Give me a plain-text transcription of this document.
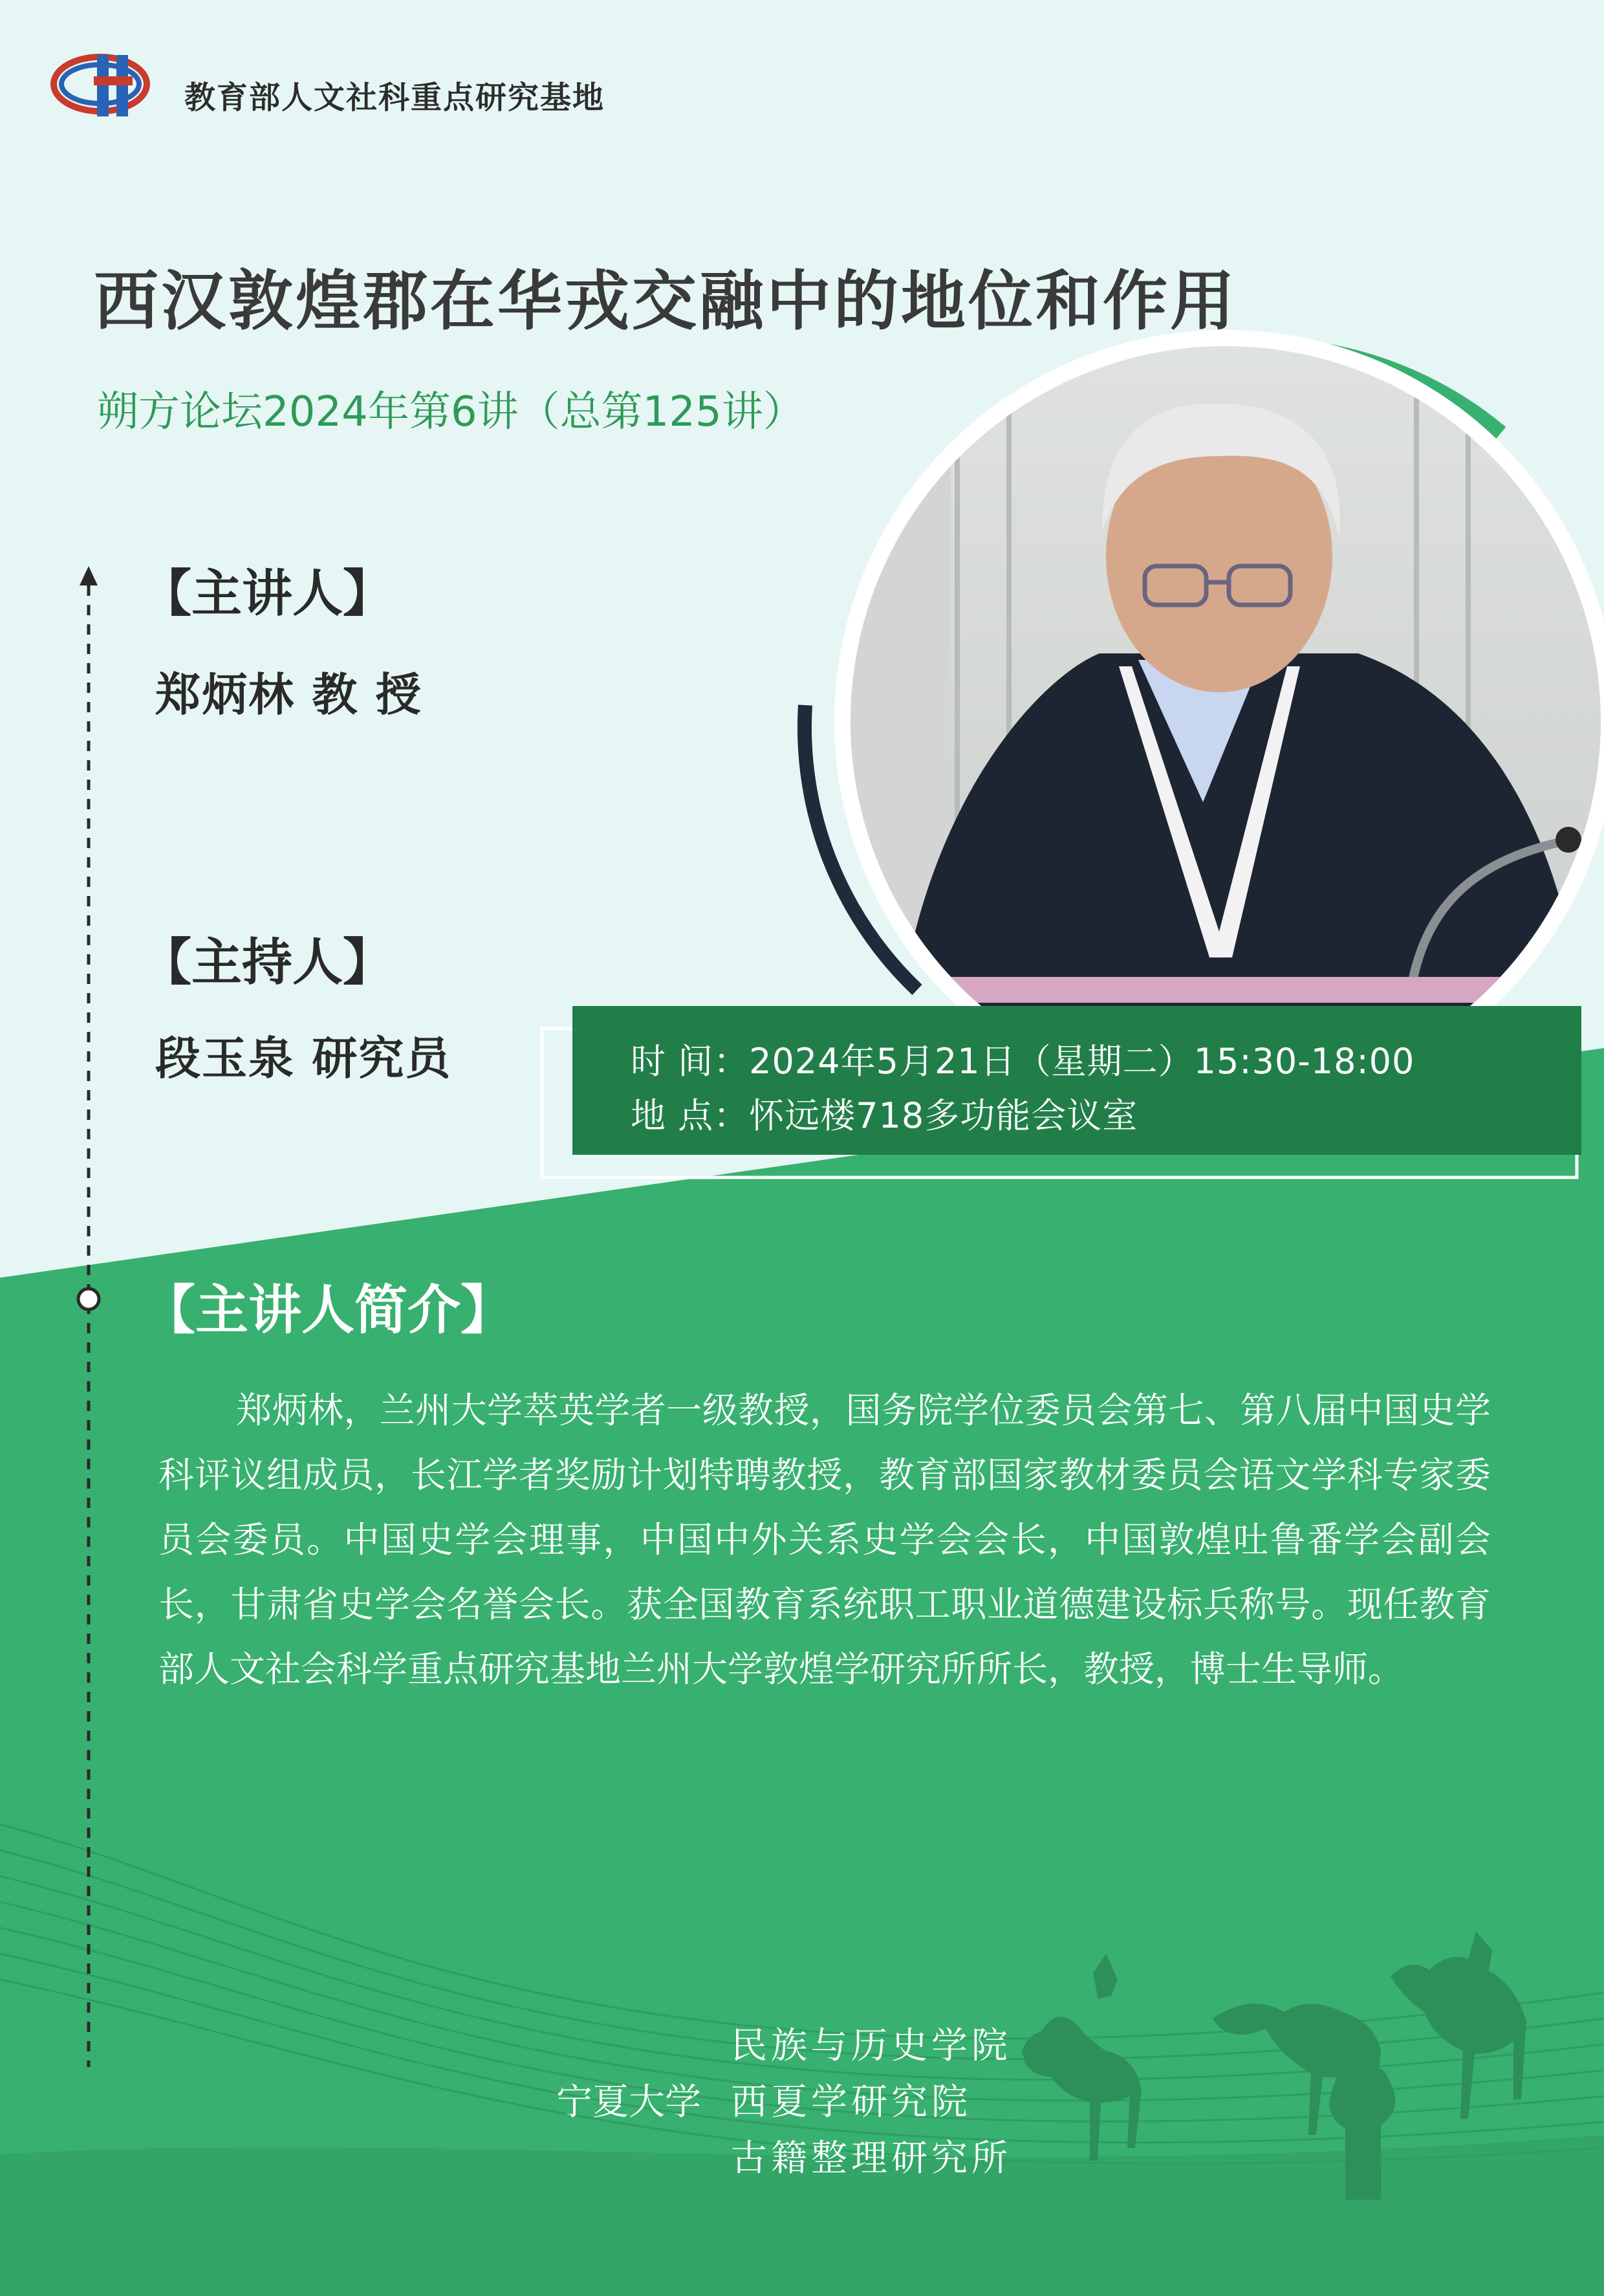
教育部人文社科重点研究基地
西汉敦煌郡在华戎交融中的地位和作用
朔方论坛2024年第6讲（总第125讲）
【主讲人】
郑炳林 教 授
【主持人】
段玉泉 研究员	时 间：2024年5月21日（星期二）15:30-18:00
地 点：怀远楼718多功能会议室
【主讲人简介】

郑炳林，兰州大学萃英学者一级教授，国务院学位委员会第七、第八届中国史学科评议组成员，长江学者奖励计划特聘教授，教育部国家教材委员会语文学科专家委员会委员。中国史学会理事，中国中外关系史学会会长，中国敦煌吐鲁番学会副会长，甘肃省史学会名誉会长。获全国教育系统职工职业道德建设标兵称号。现任教育部人文社会科学重点研究基地兰州大学敦煌学研究所所长，教授，博士生导师。

宁夏大学
民族与历史学院
西夏学研究院
古籍整理研究所
